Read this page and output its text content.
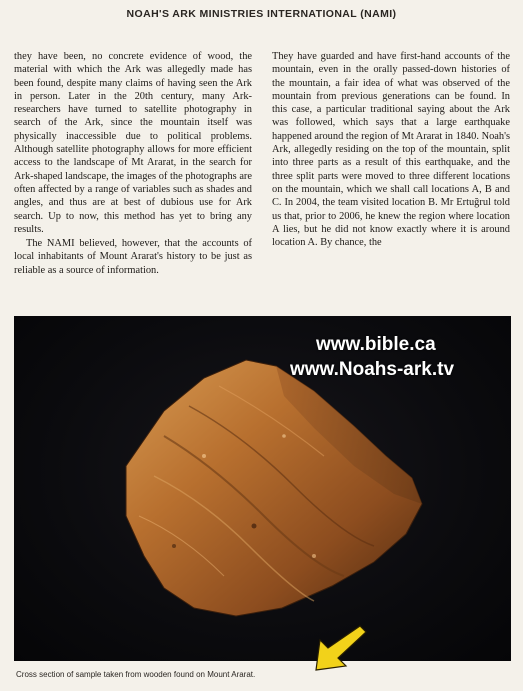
NOAH'S ARK MINISTRIES INTERNATIONAL (NAMI)

they have been, no concrete evidence of wood, the material with which the Ark was allegedly made has been found, despite many claims of having seen the Ark in person. Later in the 20th century, many Ark-researchers have turned to satellite photography in search of the Ark, since the mountain itself was physically inaccessible due to political problems. Although satellite photography allows for more efficient access to the landscape of Mt Ararat, in the search for Ark-shaped landscape, the images of the photographs are often affected by a range of variables such as shades and angles, and thus are at best of dubious use for Ark search. Up to now, this method has yet to bring any results.

The NAMI believed, however, that the accounts of local inhabitants of Mount Ararat's history to be just as reliable as a source of information.

They have guarded and have first-hand accounts of the mountain, even in the orally passed-down histories of the mountain, a fair idea of what was observed of the mountain from previous generations can be found. In this case, a particular traditional saying about the Ark was followed, which says that a large earthquake happened around the region of Mt Ararat in 1840. Noah's Ark, allegedly residing on the top of the mountain, split into three parts as a result of this earthquake, and the three split parts were moved to three different locations on the mountain, which we shall call locations A, B and C. In 2004, the team visited location B. Mr Ertuğrul told us that, prior to 2006, he knew the region where location A lies, but he did not know exactly where it is around location A. By chance, the

www.bible.ca
www.Noahs-ark.tv
Cross section of sample taken from wooden found on Mount Ararat.
